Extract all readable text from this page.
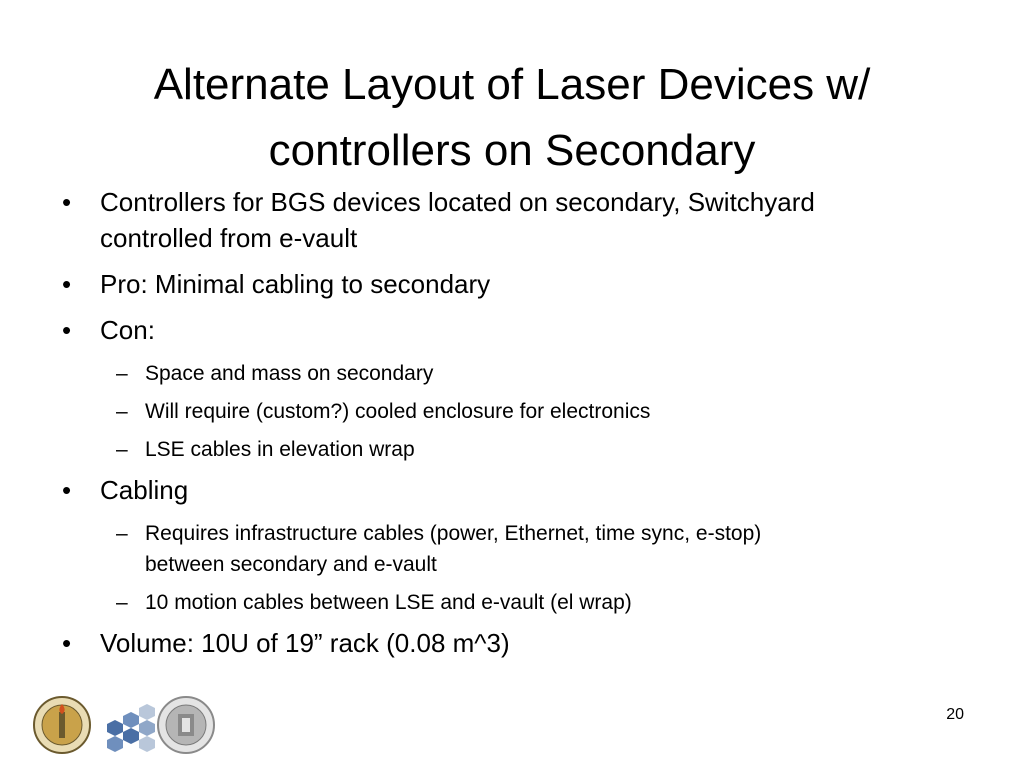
Alternate Layout of Laser Devices w/
controllers on Secondary
•	Controllers for BGS devices located on secondary, Switchyard
controlled from e-vault
•	Pro: Minimal cabling to secondary
•	Con:
– Space and mass on secondary
– Will require (custom?) cooled enclosure for electronics
– LSE cables in elevation wrap
•	Cabling
– Requires infrastructure cables (power, Ethernet, time sync, e-stop)
between secondary and e-vault
– 10 motion cables between LSE and e-vault (el wrap)
•	Volume: 10U of 19” rack (0.08 m^3)
20
